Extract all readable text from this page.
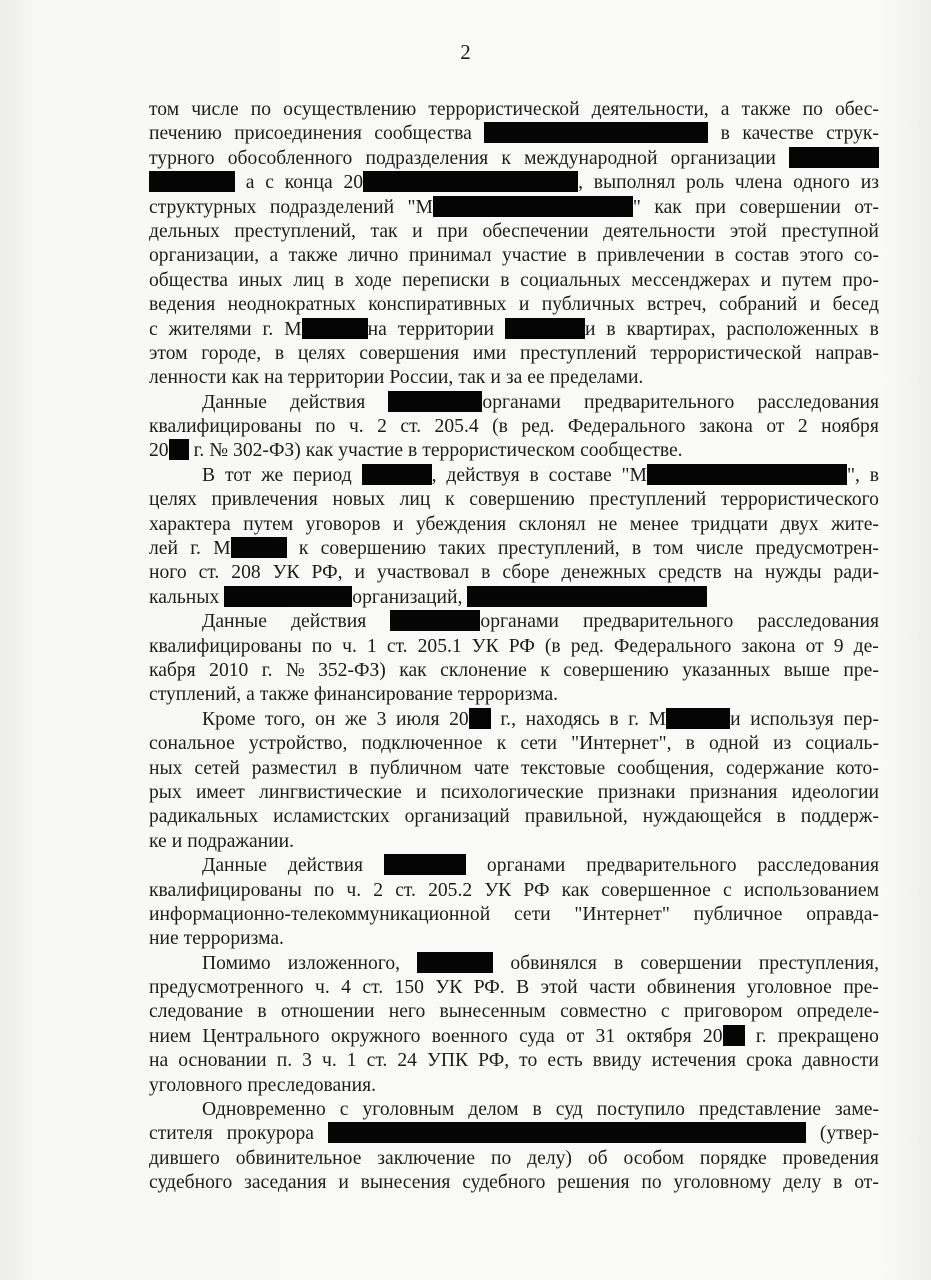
2
том числе по осуществлению террористической деятельности, а также по обес-
печению присоединения сообщества	в качестве струк-
турного обособленного подразделения к международной организации
а с конца 20	, выполнял роль члена одного из
структурных подразделений "М	" как при совершении от-
дельных преступлений, так и при обеспечении деятельности этой преступной
организации, а также лично принимал участие в привлечении в состав этого со-
общества иных лиц в ходе переписки в социальных мессенджерах и путем про-
ведения неоднократных конспиративных и публичных встреч, собраний и бесед
с жителями г. М	на территории	и в квартирах, расположенных в
этом городе, в целях совершения ими преступлений террористической направ-
ленности как на территории России, так и за ее пределами.
Данные действия	органами предварительного расследования
квалифицированы по ч. 2 ст. 205.4 (в ред. Федерального закона от 2 ноября
20	г. № 302-ФЗ) как участие в террористическом сообществе.
В тот же период	, действуя в составе "М	", в
целях привлечения новых лиц к совершению преступлений террористического
характера путем уговоров и убеждения склонял не менее тридцати двух жите-
лей г. М	к совершению таких преступлений, в том числе предусмотрен-
ного ст. 208 УК РФ, и участвовал в сборе денежных средств на нужды ради-
кальных	организаций,
Данные действия	органами предварительного расследования
квалифицированы по ч. 1 ст. 205.1 УК РФ (в ред. Федерального закона от 9 де-
кабря 2010 г. № 352-ФЗ) как склонение к совершению указанных выше пре-
ступлений, а также финансирование терроризма.
Кроме того, он же 3 июля 20	г., находясь в г. М	и используя пер-
сональное устройство, подключенное к сети "Интернет", в одной из социаль-
ных сетей разместил в публичном чате текстовые сообщения, содержание кото-
рых имеет лингвистические и психологические признаки признания идеологии
радикальных исламистских организаций правильной, нуждающейся в поддерж-
ке и подражании.
Данные действия	органами предварительного расследования
квалифицированы по ч. 2 ст. 205.2 УК РФ как совершенное с использованием
информационно-телекоммуникационной сети "Интернет" публичное оправда-
ние терроризма.
Помимо изложенного,	обвинялся в совершении преступления,
предусмотренного ч. 4 ст. 150 УК РФ. В этой части обвинения уголовное пре-
следование в отношении него вынесенным совместно с приговором определе-
нием Центрального окружного военного суда от 31 октября 20	г. прекращено
на основании п. 3 ч. 1 ст. 24 УПК РФ, то есть ввиду истечения срока давности
уголовного преследования.
Одновременно с уголовным делом в суд поступило представление заме-
стителя прокурора	(утвер-
дившего обвинительное заключение по делу) об особом порядке проведения
судебного заседания и вынесения судебного решения по уголовному делу в от-
